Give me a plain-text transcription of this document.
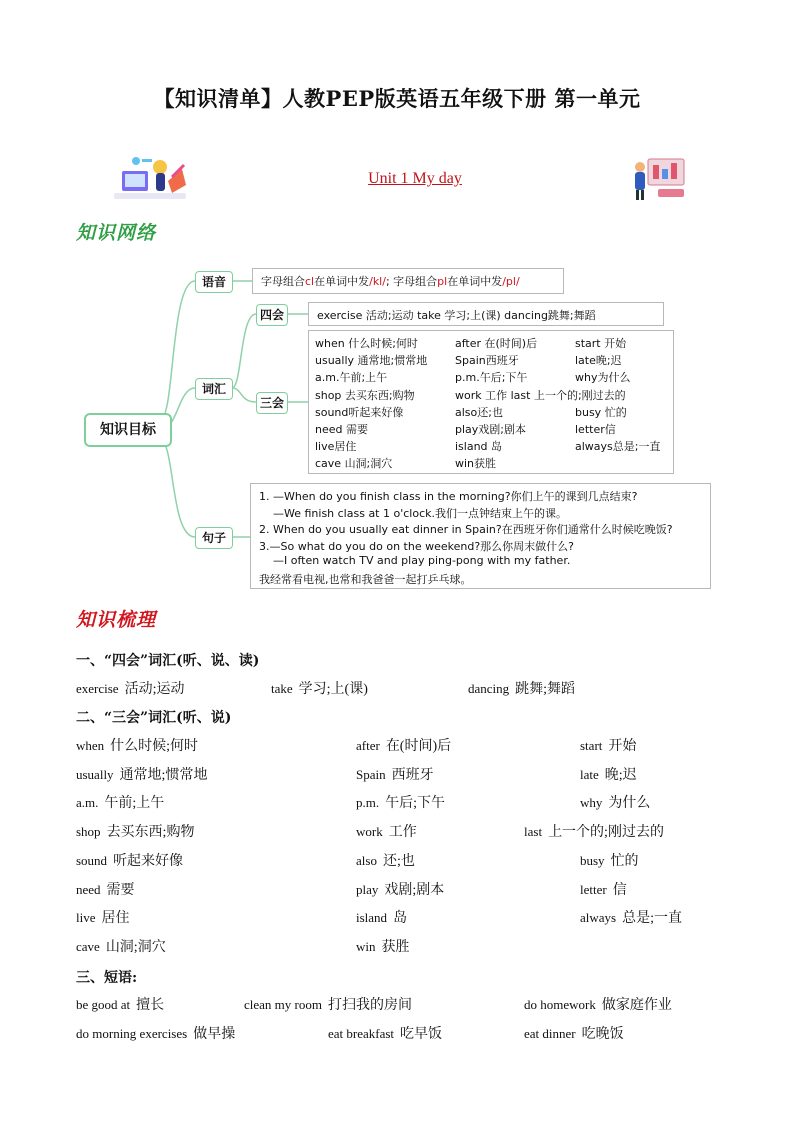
【知识清单】人教PEP版英语五年级下册 第一单元
Unit 1 My day
知识网络
知识目标
语音
词汇
四会
三会
句子
字母组合cl在单词中发/kl/; 字母组合pl在单词中发/pl/
exercise 活动;运动 take 学习;上(课) dancing跳舞;舞蹈
when 什么时候;何时	after 在(时间)后	start 开始
usually 通常地;惯常地	Spain西班牙	late晚;迟
a.m.午前;上午	p.m.午后;下午	why为什么
shop 去买东西;购物	work 工作 last 上一个的;刚过去的
sound听起来好像	also还;也	busy 忙的
need 需要	play戏剧;剧本	letter信
live居住	island 岛	always总是;一直
cave 山洞;洞穴	win获胜
1. —When do you finish class in the morning?你们上午的课到几点结束?
—We finish class at 1 o'clock.我们一点钟结束上午的课。
2. When do you usually eat dinner in Spain?在西班牙你们通常什么时候吃晚饭?
3.—So what do you do on the weekend?那么你周末做什么?
—I often watch TV and play ping-pong with my father.
我经常看电视,也常和我爸爸一起打乒乓球。
知识梳理
一、“四会”词汇(听、说、读)
exercise 活动;运动	take 学习;上(课)	dancing 跳舞;舞蹈
二、“三会”词汇(听、说)
when 什么时候;何时	after 在(时间)后	start 开始
usually 通常地;惯常地	Spain 西班牙	late 晚;迟
a.m. 午前;上午	p.m. 午后;下午	why 为什么
shop 去买东西;购物	work 工作	last 上一个的;刚过去的
sound 听起来好像	also 还;也	busy 忙的
need 需要	play 戏剧;剧本	letter 信
live 居住	island 岛	always 总是;一直
cave 山洞;洞穴	win 获胜
三、短语:
be good at 擅长	clean my room 打扫我的房间	do homework 做家庭作业
do morning exercises 做早操	eat breakfast 吃早饭	eat dinner 吃晚饭
